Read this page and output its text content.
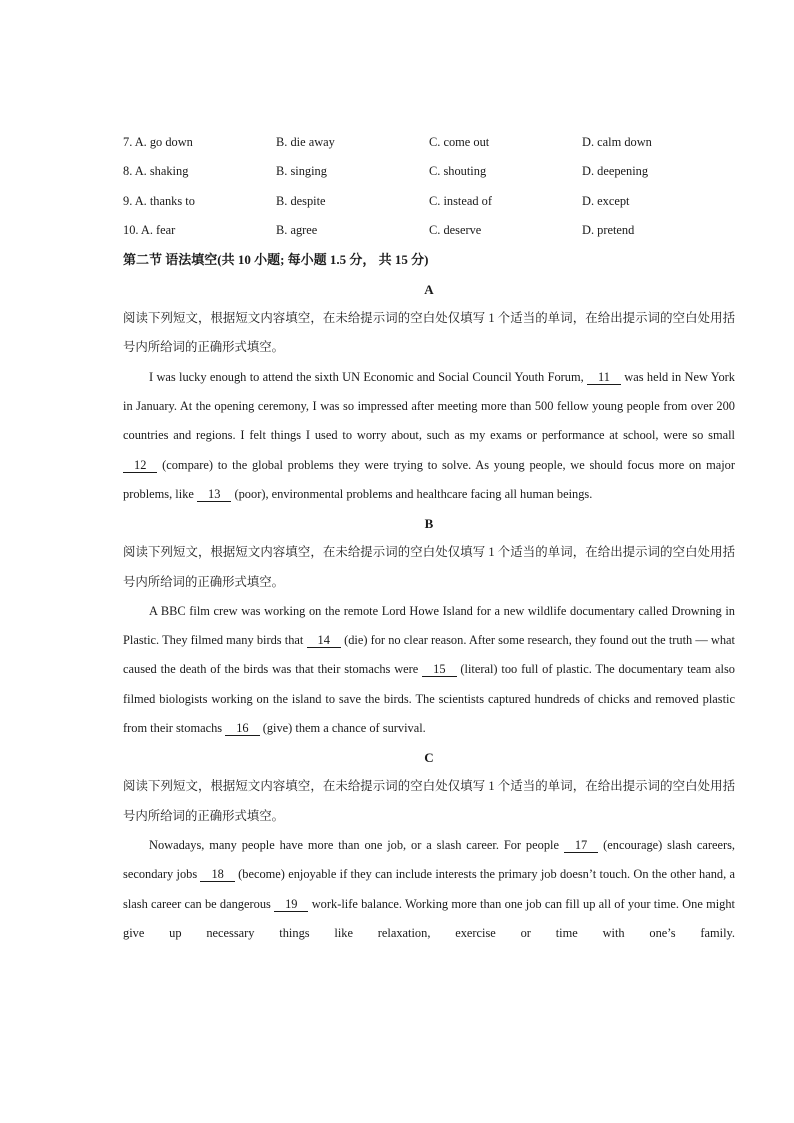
7. A. go down	B. die away	C. come out	D. calm down
8. A. shaking	B. singing	C. shouting	D. deepening
9. A. thanks to	B. despite	C. instead of	D. except
10. A. fear	B. agree	C. deserve	D. pretend
第二节 语法填空(共 10 小题; 每小题 1.5 分， 共 15 分)
A

阅读下列短文，根据短文内容填空，在未给提示词的空白处仅填写 1 个适当的单词，在给出提示词的空白处用括号内所给词的正确形式填空。

I was lucky enough to attend the sixth UN Economic and Social Council Youth Forum, 11 was held in New York in January. At the opening ceremony, I was so impressed after meeting more than 500 fellow young people from over 200 countries and regions. I felt things I used to worry about, such as my exams or performance at school, were so small 12 (compare) to the global problems they were trying to solve. As young people, we should focus more on major problems, like 13 (poor), environmental problems and healthcare facing all human beings.

B

阅读下列短文，根据短文内容填空，在未给提示词的空白处仅填写 1 个适当的单词，在给出提示词的空白处用括号内所给词的正确形式填空。

A BBC film crew was working on the remote Lord Howe Island for a new wildlife documentary called Drowning in Plastic. They filmed many birds that 14 (die) for no clear reason. After some research, they found out the truth — what caused the death of the birds was that their stomachs were 15 (literal) too full of plastic. The documentary team also filmed biologists working on the island to save the birds. The scientists captured hundreds of chicks and removed plastic from their stomachs 16 (give) them a chance of survival.

C

阅读下列短文，根据短文内容填空，在未给提示词的空白处仅填写 1 个适当的单词，在给出提示词的空白处用括号内所给词的正确形式填空。

Nowadays, many people have more than one job, or a slash career. For people 17 (encourage) slash careers, secondary jobs 18 (become) enjoyable if they can include interests the primary job doesn’t touch. On the other hand, a slash career can be dangerous 19 work-life balance. Working more than one job can fill up all of your time. One might give up necessary things like relaxation, exercise or time with one’s family.
